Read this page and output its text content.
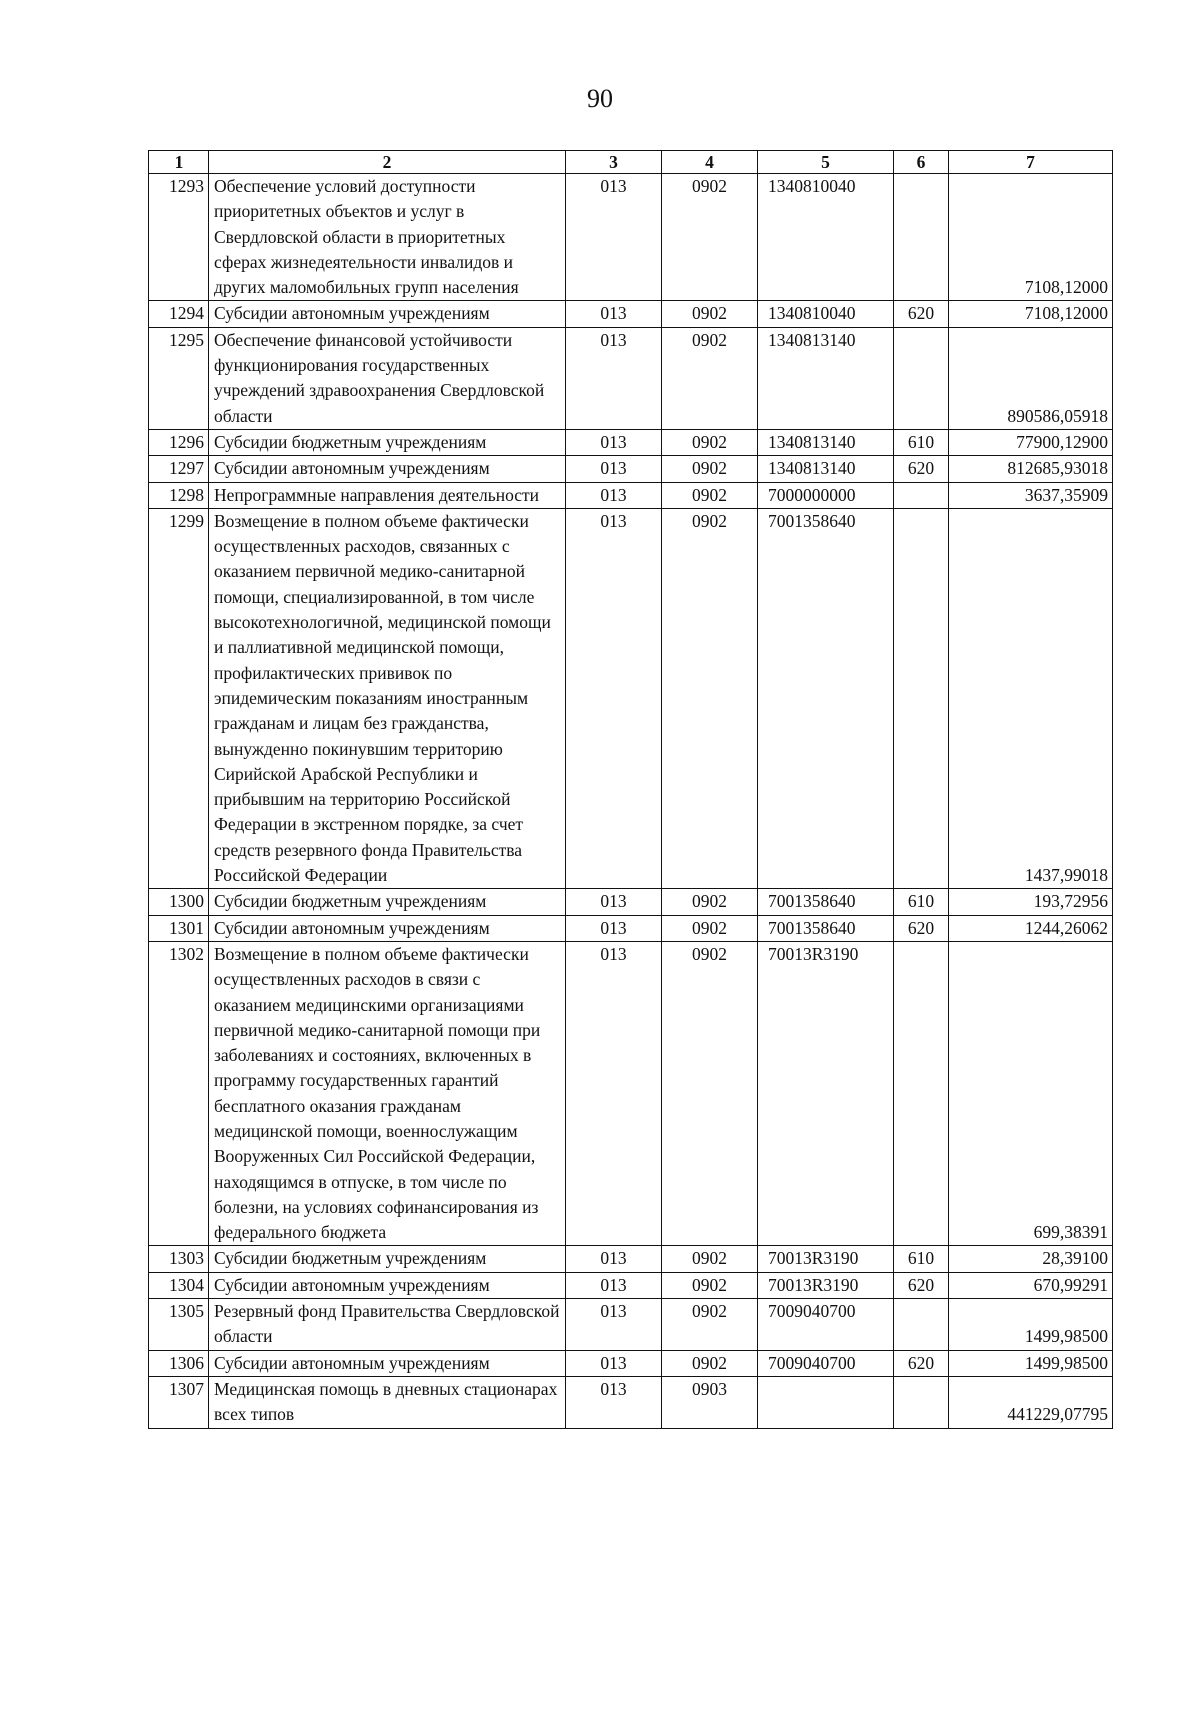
90
1	2	3	4	5	6	7
1293	Обеспечение условий доступности приоритетных объектов и услуг в Свердловской области в приоритетных сферах жизнедеятельности инвалидов и других маломобильных групп населения	013	0902	1340810040		7108,12000
1294	Субсидии автономным учреждениям	013	0902	1340810040	620	7108,12000
1295	Обеспечение финансовой устойчивости функционирования государственных учреждений здравоохранения Свердловской области	013	0902	1340813140		890586,05918
1296	Субсидии бюджетным учреждениям	013	0902	1340813140	610	77900,12900
1297	Субсидии автономным учреждениям	013	0902	1340813140	620	812685,93018
1298	Непрограммные направления деятельности	013	0902	7000000000		3637,35909
1299	Возмещение в полном объеме фактически осуществленных расходов, связанных с оказанием первичной медико-санитарной помощи, специализированной, в том числе высокотехнологичной, медицинской помощи и паллиативной медицинской помощи, профилактических прививок по эпидемическим показаниям иностранным гражданам и лицам без гражданства, вынужденно покинувшим территорию Сирийской Арабской Республики и прибывшим на территорию Российской Федерации в экстренном порядке, за счет средств резервного фонда Правительства Российской Федерации	013	0902	7001358640		1437,99018
1300	Субсидии бюджетным учреждениям	013	0902	7001358640	610	193,72956
1301	Субсидии автономным учреждениям	013	0902	7001358640	620	1244,26062
1302	Возмещение в полном объеме фактически осуществленных расходов в связи с оказанием медицинскими организациями первичной медико-санитарной помощи при заболеваниях и состояниях, включенных в программу государственных гарантий бесплатного оказания гражданам медицинской помощи, военнослужащим Вооруженных Сил Российской Федерации, находящимся в отпуске, в том числе по болезни, на условиях софинансирования из федерального бюджета	013	0902	70013R3190		699,38391
1303	Субсидии бюджетным учреждениям	013	0902	70013R3190	610	28,39100
1304	Субсидии автономным учреждениям	013	0902	70013R3190	620	670,99291
1305	Резервный фонд Правительства Свердловской области	013	0902	7009040700		1499,98500
1306	Субсидии автономным учреждениям	013	0902	7009040700	620	1499,98500
1307	Медицинская помощь в дневных стационарах всех типов	013	0903			441229,07795
